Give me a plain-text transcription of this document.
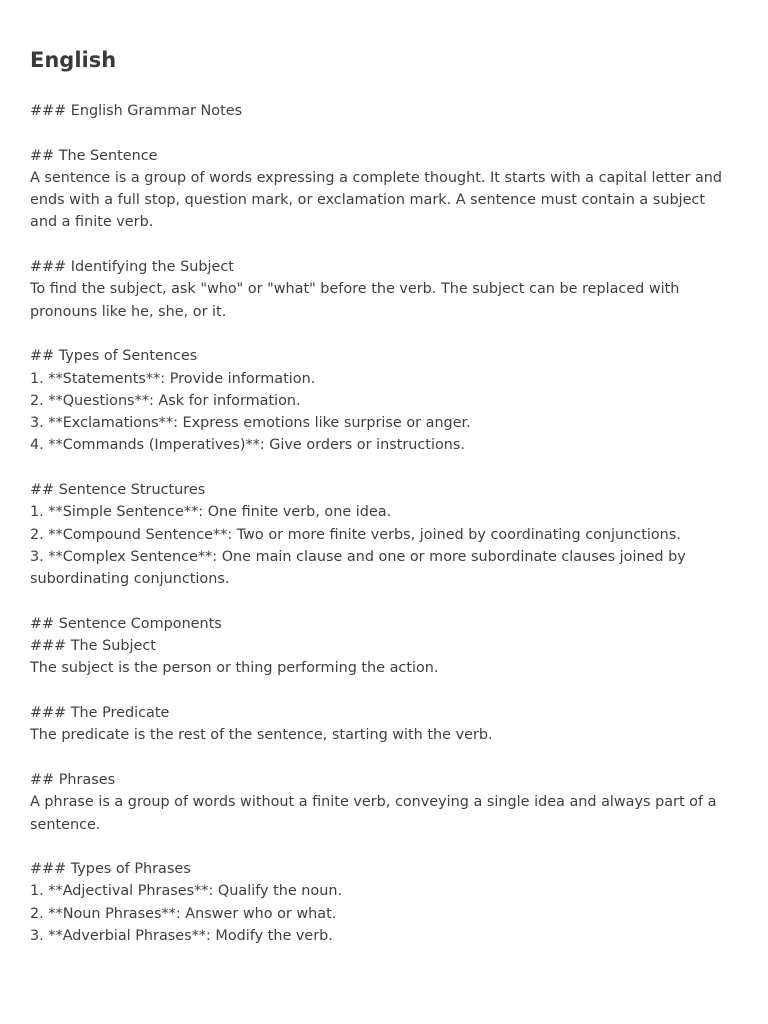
English
### English Grammar Notes
## The Sentence
A sentence is a group of words expressing a complete thought. It starts with a capital letter and ends with a full stop, question mark, or exclamation mark. A sentence must contain a subject and a finite verb.
### Identifying the Subject
To find the subject, ask "who" or "what" before the verb. The subject can be replaced with pronouns like he, she, or it.
## Types of Sentences
1. **Statements**: Provide information.
2. **Questions**: Ask for information.
3. **Exclamations**: Express emotions like surprise or anger.
4. **Commands (Imperatives)**: Give orders or instructions.
## Sentence Structures
1. **Simple Sentence**: One finite verb, one idea.
2. **Compound Sentence**: Two or more finite verbs, joined by coordinating conjunctions.
3. **Complex Sentence**: One main clause and one or more subordinate clauses joined by subordinating conjunctions.
## Sentence Components
### The Subject
The subject is the person or thing performing the action.
### The Predicate
The predicate is the rest of the sentence, starting with the verb.
## Phrases
A phrase is a group of words without a finite verb, conveying a single idea and always part of a sentence.
### Types of Phrases
1. **Adjectival Phrases**: Qualify the noun.
2. **Noun Phrases**: Answer who or what.
3. **Adverbial Phrases**: Modify the verb.
